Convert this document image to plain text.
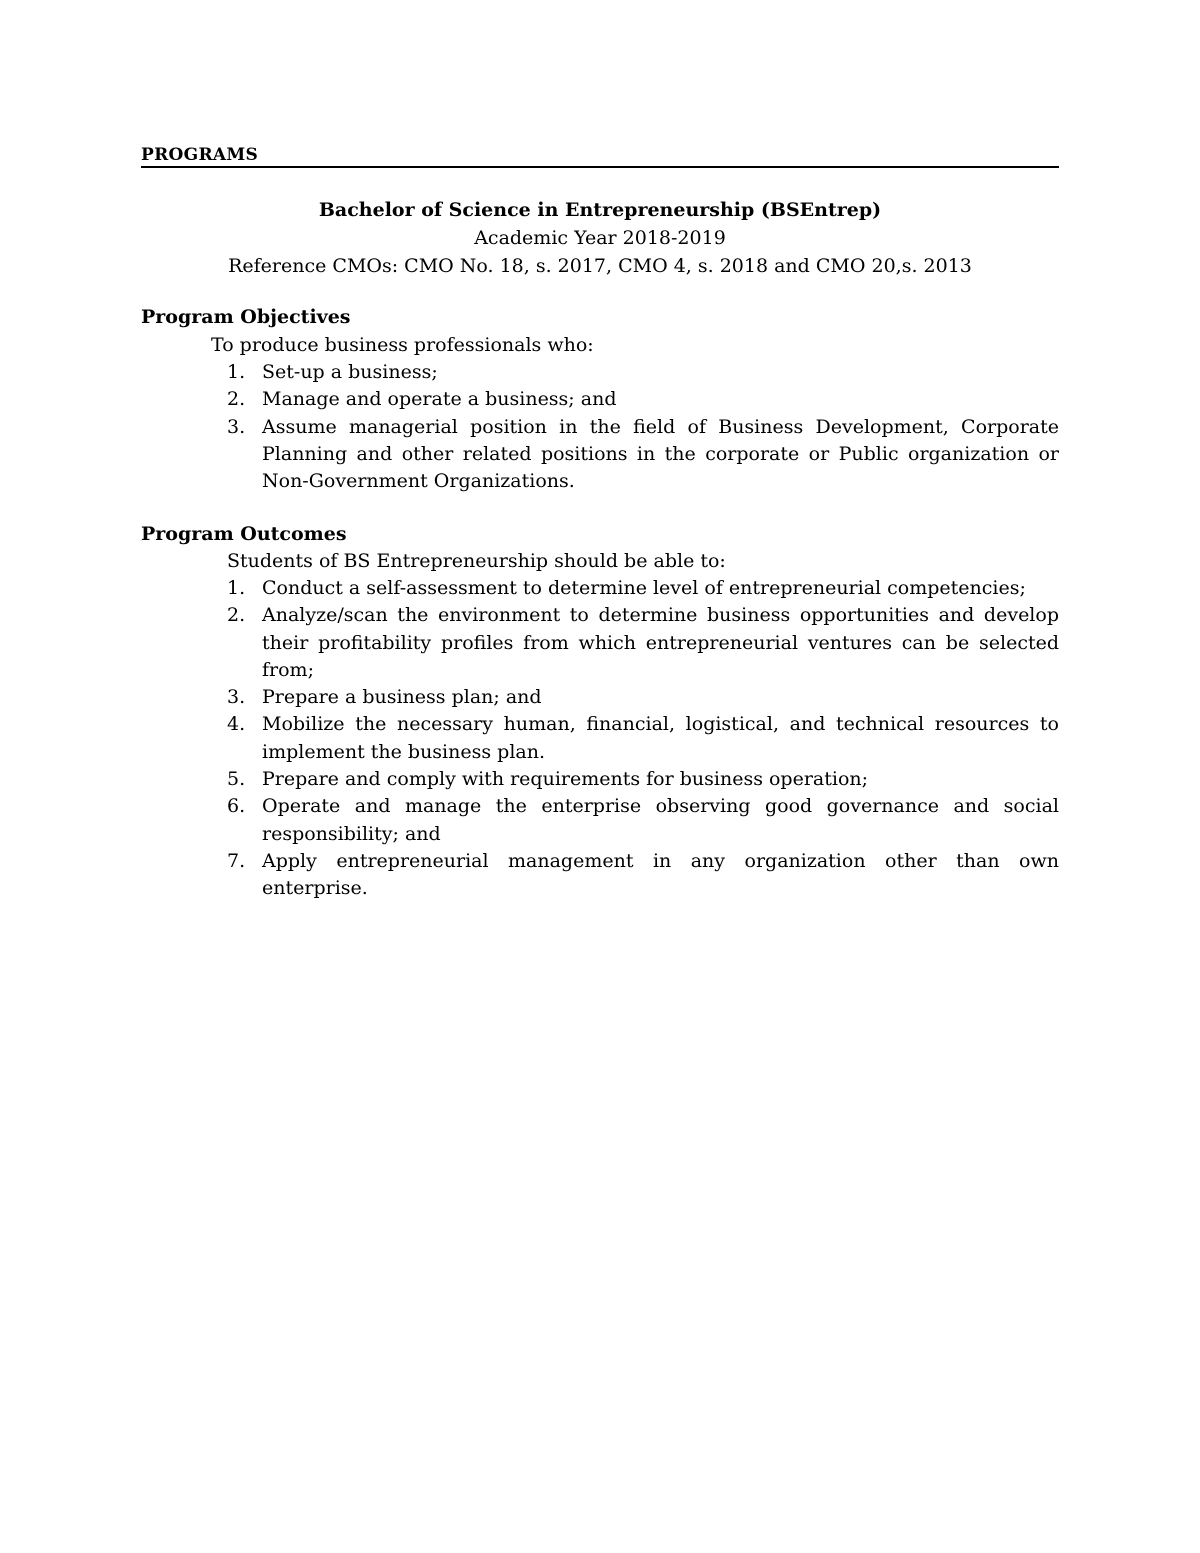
PROGRAMS
Bachelor of Science in Entrepreneurship (BSEntrep)
Academic Year 2018-2019
Reference CMOs: CMO No. 18, s. 2017, CMO 4, s. 2018 and CMO 20,s. 2013
Program Objectives
To produce business professionals who:
1. Set-up a business;
2. Manage and operate a business; and
3. Assume managerial position in the field of Business Development, Corporate Planning and other related positions in the corporate or Public organization or Non-Government Organizations.
Program Outcomes
Students of BS Entrepreneurship should be able to:
1. Conduct a self-assessment to determine level of entrepreneurial competencies;
2. Analyze/scan the environment to determine business opportunities and develop their profitability profiles from which entrepreneurial ventures can be selected from;
3. Prepare a business plan; and
4. Mobilize the necessary human, financial, logistical, and technical resources to implement the business plan.
5. Prepare and comply with requirements for business operation;
6. Operate and manage the enterprise observing good governance and social responsibility; and
7. Apply entrepreneurial management in any organization other than own enterprise.
